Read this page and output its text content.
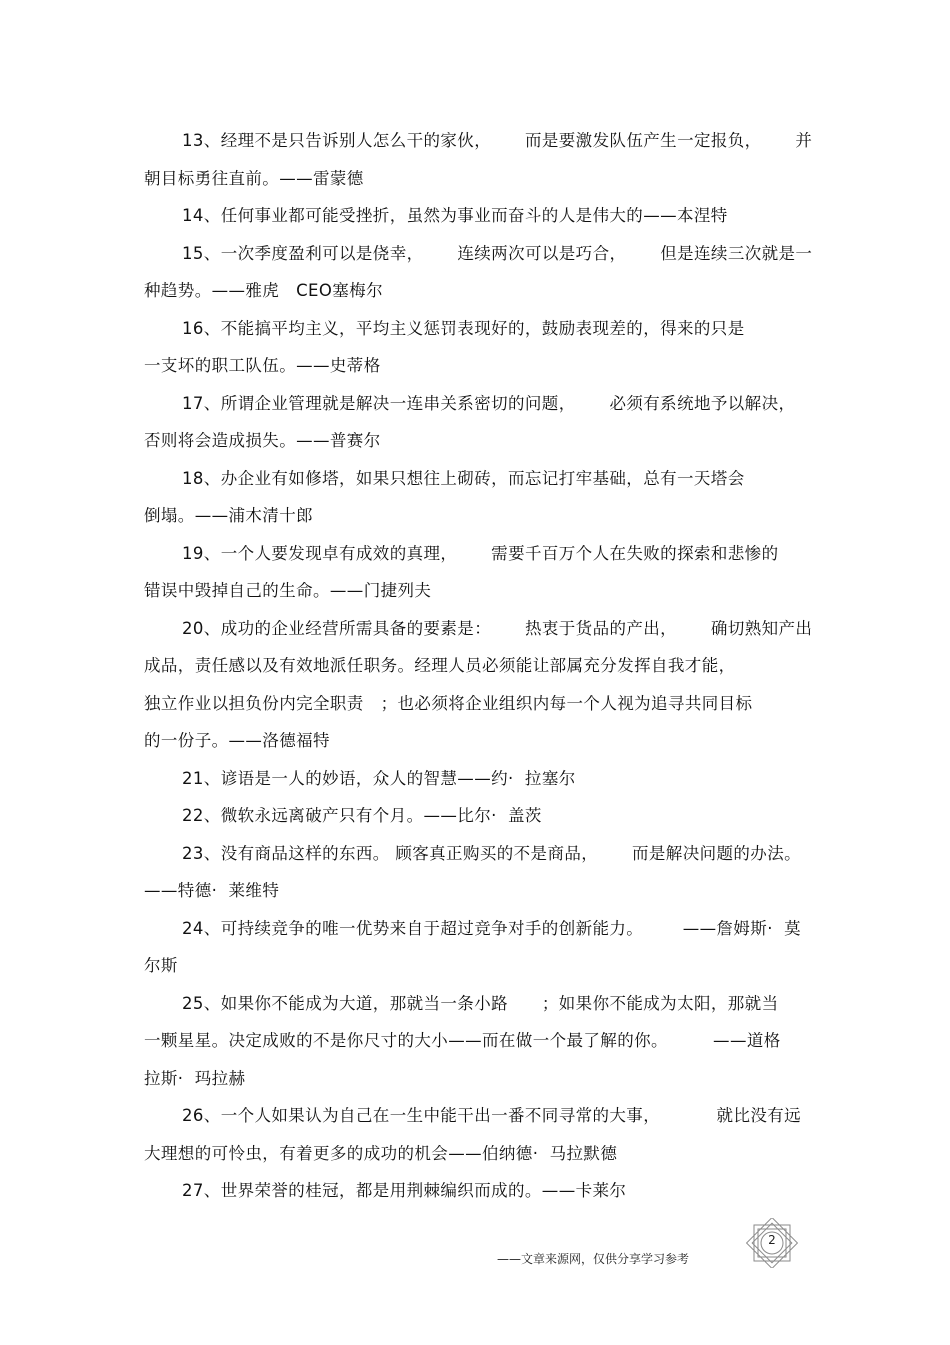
13、经理不是只告诉别人怎么干的家伙，      而是要激发队伍产生一定报负，      并

朝目标勇往直前。——雷蒙德

14、任何事业都可能受挫折，虽然为事业而奋斗的人是伟大的——本涅特

15、一次季度盈利可以是侥幸，      连续两次可以是巧合，      但是连续三次就是一

种趋势。——雅虎   CEO塞梅尔

16、不能搞平均主义，平均主义惩罚表现好的，鼓励表现差的，得来的只是

一支坏的职工队伍。——史蒂格

17、所谓企业管理就是解决一连串关系密切的问题，      必须有系统地予以解决，

否则将会造成损失。——普赛尔

18、办企业有如修塔，如果只想往上砌砖，而忘记打牢基础，总有一天塔会

倒塌。——浦木清十郎

19、一个人要发现卓有成效的真理，      需要千百万个人在失败的探索和悲惨的

错误中毁掉自己的生命。——门捷列夫

20、成功的企业经营所需具备的要素是：      热衷于货品的产出，      确切熟知产出

成品，责任感以及有效地派任职务。经理人员必须能让部属充分发挥自我才能，

独立作业以担负份内完全职责   ；也必须将企业组织内每一个人视为追寻共同目标

的一份子。——洛德福特

21、谚语是一人的妙语，众人的智慧——约·  拉塞尔

22、微软永远离破产只有个月。——比尔·  盖茨

23、没有商品这样的东西。 顾客真正购买的不是商品，      而是解决问题的办法。

——特德·  莱维特

24、可持续竞争的唯一优势来自于超过竞争对手的创新能力。       ——詹姆斯·  莫

尔斯

25、如果你不能成为大道，那就当一条小路      ；如果你不能成为太阳，那就当

一颗星星。决定成败的不是你尺寸的大小——而在做一个最了解的你。        ——道格

拉斯·  玛拉赫

26、一个人如果认为自己在一生中能干出一番不同寻常的大事，          就比没有远

大理想的可怜虫，有着更多的成功的机会——伯纳德·  马拉默德

27、世界荣誉的桂冠，都是用荆棘编织而成的。——卡莱尔

2
——文章来源网，仅供分享学习参考
